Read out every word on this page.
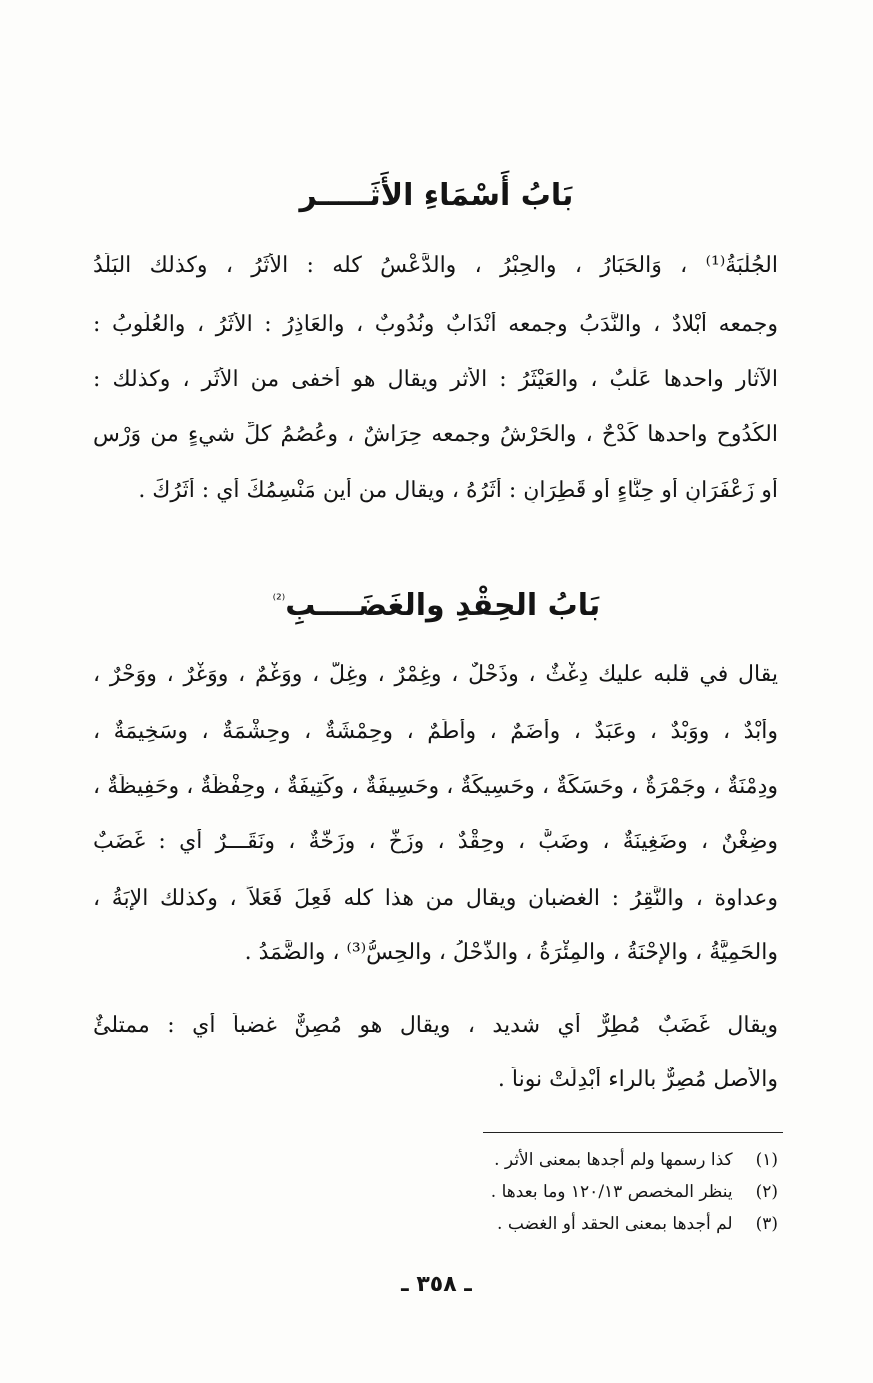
بَابُ أَسْمَاءِ الأَثَـــــر
الجُلْبَةُ⁽¹⁾ ، وَالحَبَارُ ، والحِبْرُ ، والدَّعْسُ كله : الأَثَرُ ، وكذلك البَلَدُ
وجمعه أَبْلادٌ ، والنَّدَبُ وجمعه أَنْدَابٌ ونُدُوبٌ ، والعَاذِرُ : الأَثَرُ ، والعُلُوبُ :
الآثار واحدها عَلْبٌ ، والعَيْثَرُ : الأثر ويقال هو أخفى من الأَثَرِ ، وكذلك :
الكُدُوح واحدها كَدْحٌ ، والحَرْشُ وجمعه حِرَاشٌ ، وعُصُمُ كلِّ شيءٍ من وَرْسٍ
أو زَعْفَرَانٍ أو حِنَّاءٍ أو قَطِرَانٍ : أَثَرُهُ ، ويقال من أين مَنْسِمُكَ أي : أَثَرُكَ .
بَابُ الحِقْدِ والغَضَــــبِ$^{^{(2)}}$
يقال في قلبه عليك دِغْثٌ ، وذَحْلٌ ، وغِمْرٌ ، وغِلٌّ ، ووَغْمٌ ، ووَغْرٌ ، ووَحْرٌ ،
وأَبْدٌ ، ووَبْدٌ ، وعَبَدٌ ، وأَضَمٌ ، وأَطَمٌ ، وحِمْشَةٌ ، وحِشْمَةٌ ، وسَخِيمَةٌ ،
ودِمْنَةٌ ، وجَمْرَةٌ ، وحَسَكَةٌ ، وحَسِيكَةٌ ، وحَسِيفَةٌ ، وكَتِيفَةٌ ، وحِفْظَةٌ ، وحَفِيظَةٌ ،
وضِغْنٌ ، وضَغِينَةٌ ، وضَبٌّ ، وحِقْدٌ ، وزَخٌّ ، وزَخَّةٌ ، ونَقَـــرٌ أي : غَضَبٌ
وعداوة ، والنَّقِرُ : الغضبان ويقال من هذا كله فَعِلَ فَعَلاً ، وكذلك الإِبَةُ ،
والحَمِيَّةُ ، والإِحْنَةُ ، والمِئْرَةُ ، والذَّحْلُ ، والحِسُّ⁽³⁾ ، والضَّمَدُ .
ويقال غَضَبٌ مُطِرٌّ أي شديد ، ويقال هو مُصِنٌّ غضباً أي : ممتلئٌ
والأصل مُصِرٌّ بالراء أُبْدِلَتْ نوناً .
(١) كذا رسمها ولم أجدها بمعنى الأثر .
(٢) ينظر المخصص ١٢٠/١٣ وما بعدها .
(٣) لم أجدها بمعنى الحقد أو الغضب .
ـ ٣٥٨ ـ
